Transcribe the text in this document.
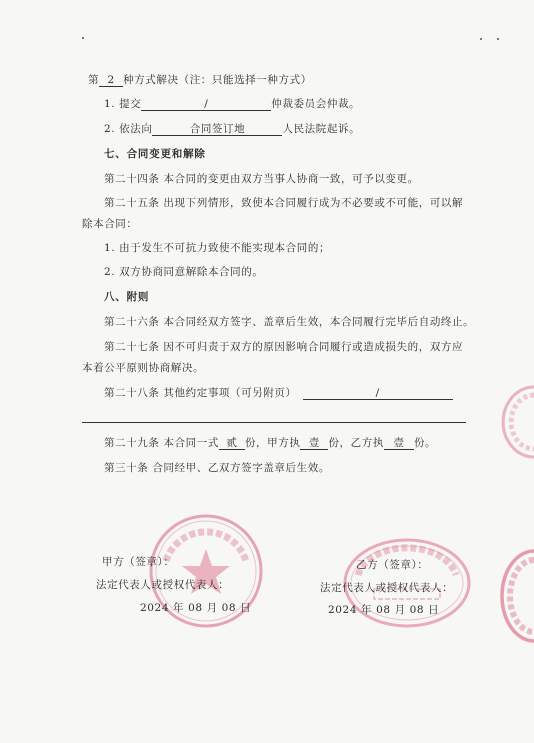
第 2 种方式解决（注：只能选择一种方式）
1. 提交	/	仲裁委员会仲裁。
2. 依法向	合同签订地	人民法院起诉。
七、合同变更和解除
第二十四条 本合同的变更由双方当事人协商一致，可予以变更。
第二十五条 出现下列情形，致使本合同履行成为不必要或不可能，可以解
除本合同：
1. 由于发生不可抗力致使不能实现本合同的；
2. 双方协商同意解除本合同的。
八、附则
第二十六条 本合同经双方签字、盖章后生效，本合同履行完毕后自动终止。
第二十七条 因不可归责于双方的原因影响合同履行或造成损失的，双方应
本着公平原则协商解决。
第二十八条 其他约定事项（可另附页）	/
第二十九条 本合同一式 贰 份，甲方执 壹 份，乙方执 壹 份。
第三十条 合同经甲、乙双方签字盖章后生效。
甲方（签章）：
法定代表人或授权代表人：
2024 年 08 月 08 日
乙方（签章）：
法定代表人或授权代表人：
2024 年 08 月 08 日
